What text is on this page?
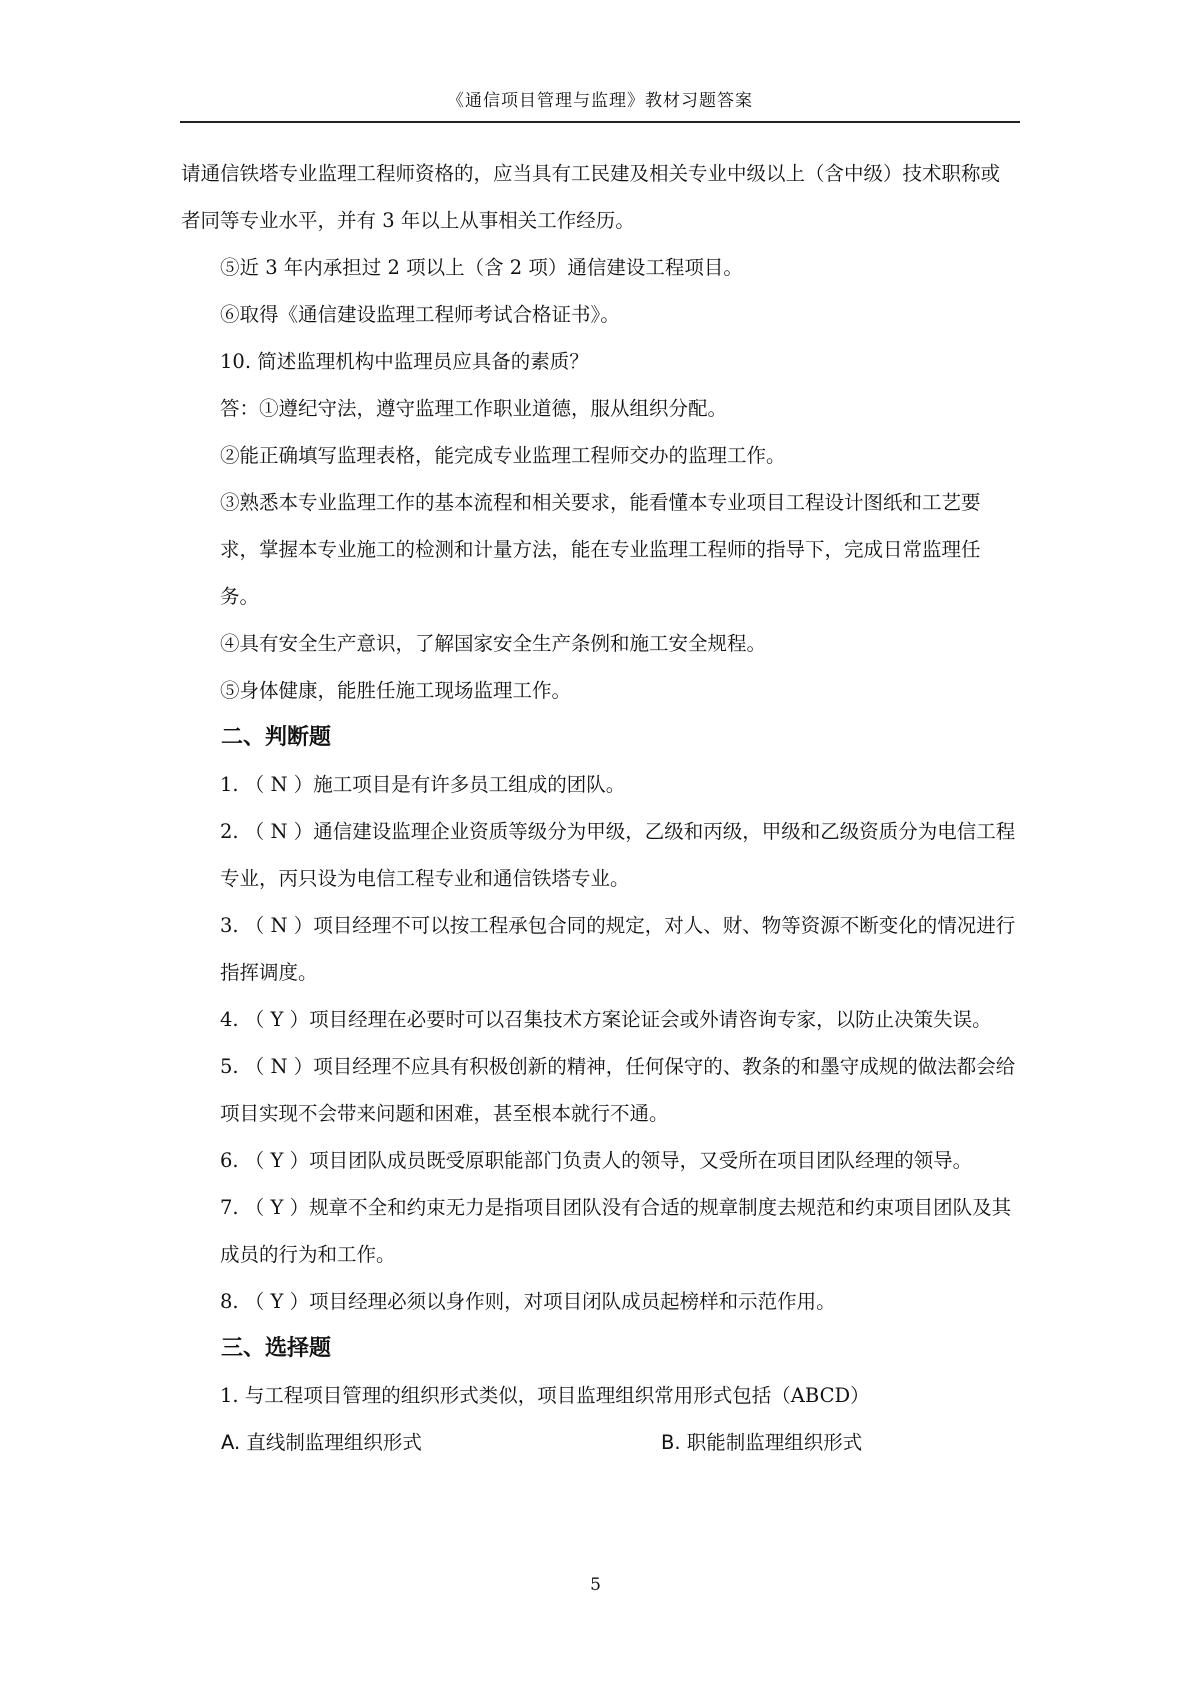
《通信项目管理与监理》教材习题答案

请通信铁塔专业监理工程师资格的，应当具有工民建及相关专业中级以上（含中级）技术职称或者同等专业水平，并有 3 年以上从事相关工作经历。

⑤近 3 年内承担过 2 项以上（含 2 项）通信建设工程项目。

⑥取得《通信建设监理工程师考试合格证书》。

10. 简述监理机构中监理员应具备的素质？

答：①遵纪守法，遵守监理工作职业道德，服从组织分配。

②能正确填写监理表格，能完成专业监理工程师交办的监理工作。

③熟悉本专业监理工作的基本流程和相关要求，能看懂本专业项目工程设计图纸和工艺要求，掌握本专业施工的检测和计量方法，能在专业监理工程师的指导下，完成日常监理任务。

④具有安全生产意识，了解国家安全生产条例和施工安全规程。

⑤身体健康，能胜任施工现场监理工作。

二、判断题

1. （ N ）施工项目是有许多员工组成的团队。

2. （ N ）通信建设监理企业资质等级分为甲级，乙级和丙级，甲级和乙级资质分为电信工程专业，丙只设为电信工程专业和通信铁塔专业。

3. （ N ）项目经理不可以按工程承包合同的规定，对人、财、物等资源不断变化的情况进行指挥调度。

4. （ Y ）项目经理在必要时可以召集技术方案论证会或外请咨询专家，以防止决策失误。

5. （ N ）项目经理不应具有积极创新的精神，任何保守的、教条的和墨守成规的做法都会给项目实现不会带来问题和困难，甚至根本就行不通。

6. （ Y ）项目团队成员既受原职能部门负责人的领导，又受所在项目团队经理的领导。

7. （ Y ）规章不全和约束无力是指项目团队没有合适的规章制度去规范和约束项目团队及其成员的行为和工作。

8. （ Y ）项目经理必须以身作则，对项目闭队成员起榜样和示范作用。

三、选择题

1. 与工程项目管理的组织形式类似，项目监理组织常用形式包括（ABCD）

A. 直线制监理组织形式	B. 职能制监理组织形式
5
